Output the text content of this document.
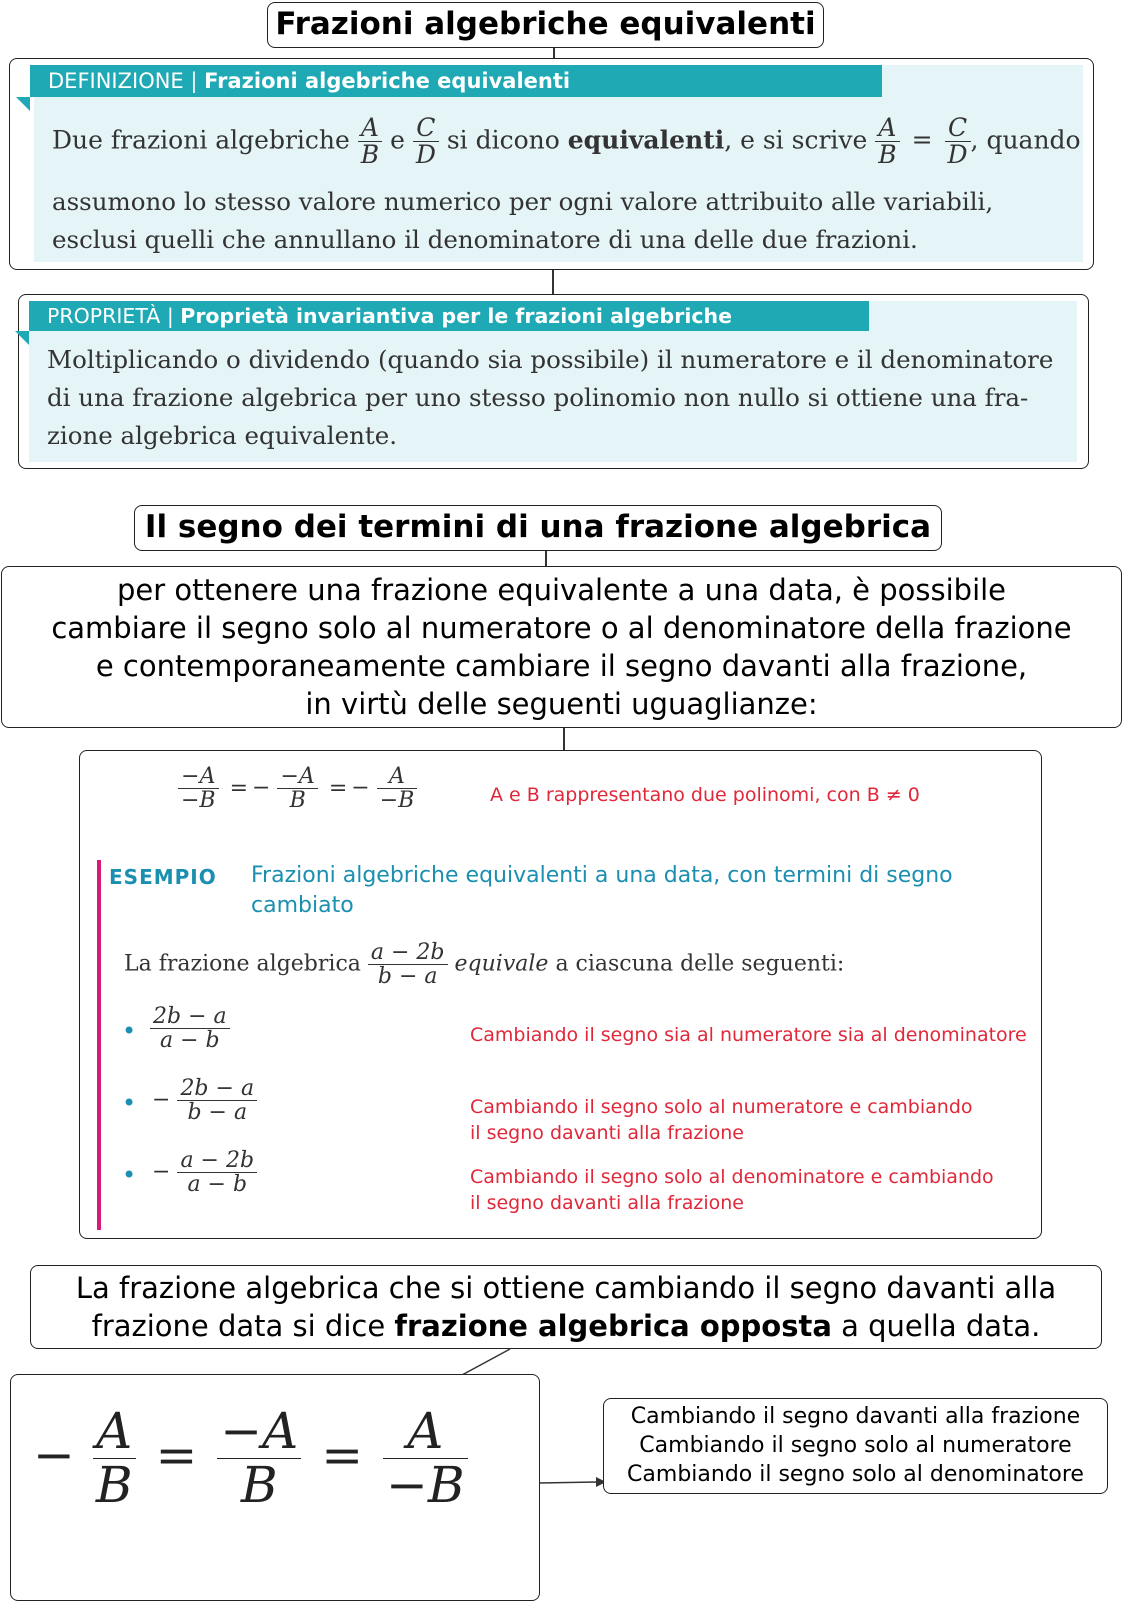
Frazioni algebriche equivalenti
DEFINIZIONE | Frazioni algebriche equivalenti
Due frazioni algebriche $\frac{A}{B}$ e $\frac{C}{D}$ si dicono equivalenti, e si scrive $\frac{A}{B} = \frac{C}{D}$ , quando
assumono lo stesso valore numerico per ogni valore attribuito alle variabili,
esclusi quelli che annullano il denominatore di una delle due frazioni.
PROPRIETÀ | Proprietà invariantiva per le frazioni algebriche
Moltiplicando o dividendo (quando sia possibile) il numeratore e il denominatore
di una frazione algebrica per uno stesso polinomio non nullo si ottiene una fra-
zione algebrica equivalente.
Il segno dei termini di una frazione algebrica
per ottenere una frazione equivalente a una data, è possibile
cambiare il segno solo al numeratore o al denominatore della frazione
e contemporaneamente cambiare il segno davanti alla frazione,
in virtù delle seguenti uguaglianze:
$\frac{-A}{-B}$ = − $\frac{-A}{B}$ = − $\frac{A}{-B}$	A e B rappresentano due polinomi, con B ≠ 0
ESEMPIO Frazioni algebriche equivalenti a una data, con termini di segno
cambiato
La frazione algebrica $\frac{a - 2b}{b - a}$ equivale a ciascuna delle seguenti:
• $\frac{2b - a}{a - b}$	Cambiando il segno sia al numeratore sia al denominatore
• − $\frac{2b - a}{b - a}$	Cambiando il segno solo al numeratore e cambiando
il segno davanti alla frazione
• − $\frac{a - 2b}{a - b}$	Cambiando il segno solo al denominatore e cambiando
il segno davanti alla frazione
La frazione algebrica che si ottiene cambiando il segno davanti alla
frazione data si dice frazione algebrica opposta a quella data.
− $\frac{A}{B} = \frac{-A}{B} = \frac{A}{-B}$	Cambiando il segno davanti alla frazione
Cambiando il segno solo al numeratore
Cambiando il segno solo al denominatore
